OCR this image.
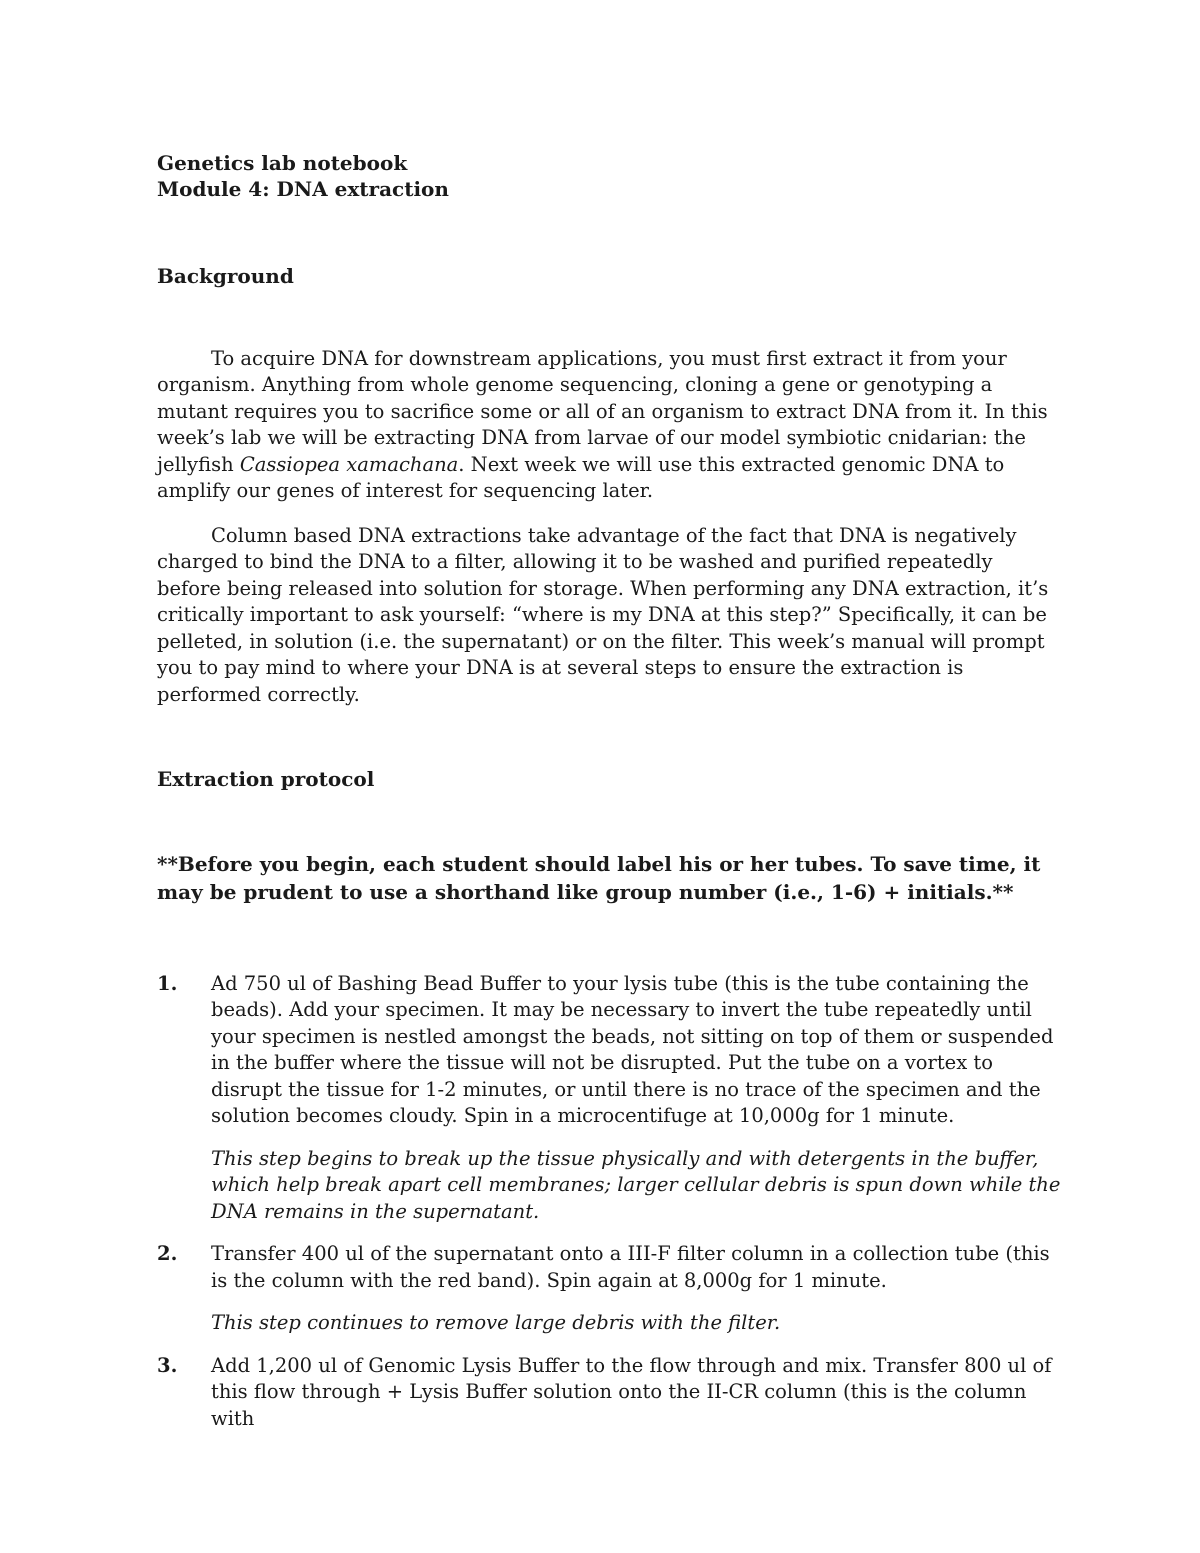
Genetics lab notebook

Module 4: DNA extraction

Background

To acquire DNA for downstream applications, you must first extract it from your organism. Anything from whole genome sequencing, cloning a gene or genotyping a mutant requires you to sacrifice some or all of an organism to extract DNA from it. In this week’s lab we will be extracting DNA from larvae of our model symbiotic cnidarian: the jellyfish Cassiopea xamachana. Next week we will use this extracted genomic DNA to amplify our genes of interest for sequencing later.

Column based DNA extractions take advantage of the fact that DNA is negatively charged to bind the DNA to a filter, allowing it to be washed and purified repeatedly before being released into solution for storage. When performing any DNA extraction, it’s critically important to ask yourself: “where is my DNA at this step?” Specifically, it can be pelleted, in solution (i.e. the supernatant) or on the filter. This week’s manual will prompt you to pay mind to where your DNA is at several steps to ensure the extraction is performed correctly.

Extraction protocol

**Before you begin, each student should label his or her tubes. To save time, it may be prudent to use a shorthand like group number (i.e., 1-6) + initials.**

1.	Ad 750 ul of Bashing Bead Buffer to your lysis tube (this is the tube containing the beads). Add your specimen. It may be necessary to invert the tube repeatedly until your specimen is nestled amongst the beads, not sitting on top of them or suspended in the buffer where the tissue will not be disrupted. Put the tube on a vortex to disrupt the tissue for 1-2 minutes, or until there is no trace of the specimen and the solution becomes cloudy. Spin in a microcentifuge at 10,000g for 1 minute.

This step begins to break up the tissue physically and with detergents in the buffer, which help break apart cell membranes; larger cellular debris is spun down while the DNA remains in the supernatant.

2.	Transfer 400 ul of the supernatant onto a III-F filter column in a collection tube (this is the column with the red band). Spin again at 8,000g for 1 minute.

This step continues to remove large debris with the filter.

3.	Add 1,200 ul of Genomic Lysis Buffer to the flow through and mix. Transfer 800 ul of this flow through + Lysis Buffer solution onto the II-CR column (this is the column with
